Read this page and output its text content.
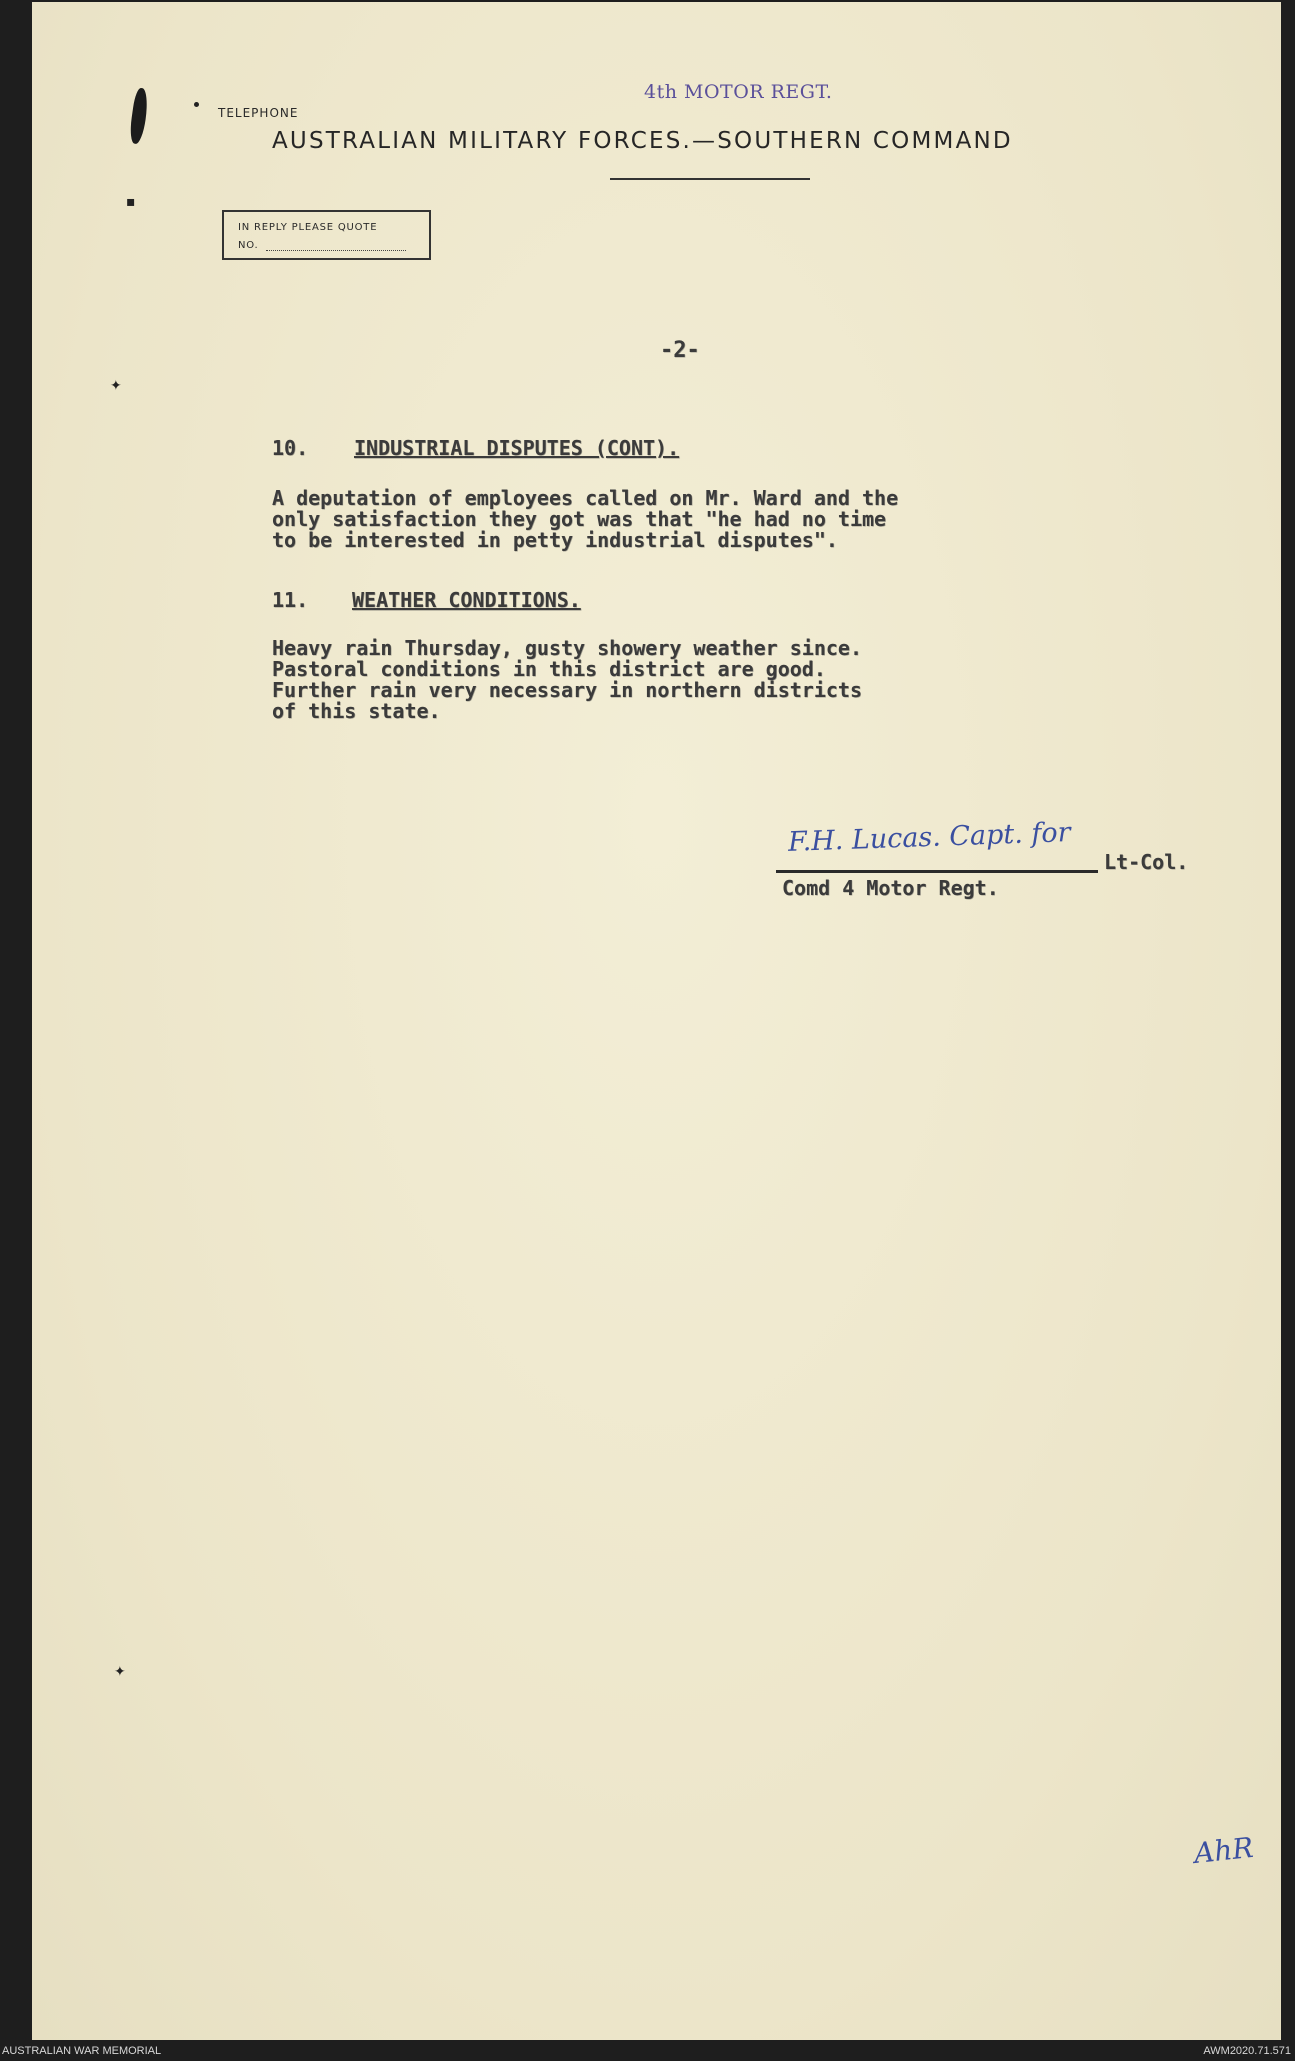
✦
✦
▪
4th MOTOR REGT.
TELEPHONE
AUSTRALIAN MILITARY FORCES.—SOUTHERN COMMAND
IN REPLY PLEASE QUOTE
NO.
-2-
10. INDUSTRIAL DISPUTES (CONT).
A deputation of employees called on Mr. Ward and the
only satisfaction they got was that "he had no time
to be interested in petty industrial disputes".
11. WEATHER CONDITIONS.
Heavy rain Thursday, gusty showery weather since.
Pastoral conditions in this district are good.
Further rain very necessary in northern districts
of this state.
F.H. Lucas. Capt. for
Lt-Col.
Comd 4 Motor Regt.
AhR
AUSTRALIAN WAR MEMORIAL	AWM2020.71.571
